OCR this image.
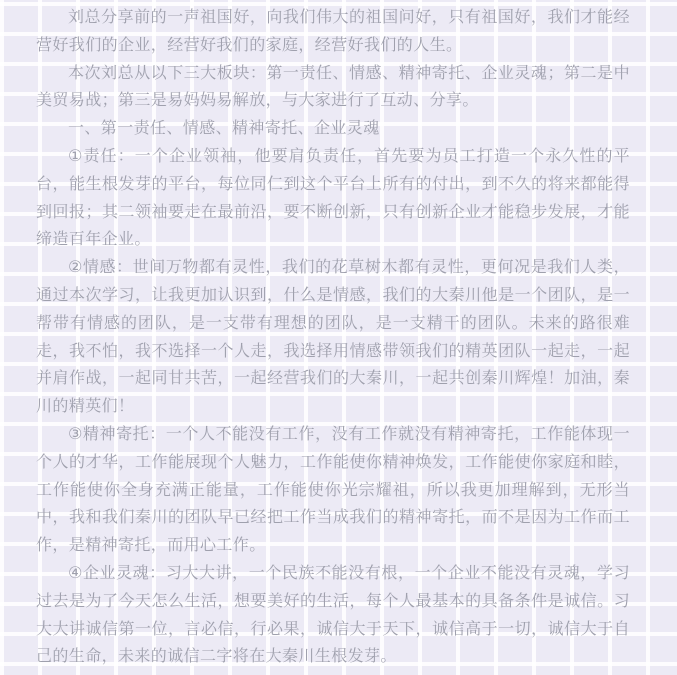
刘总分享前的一声祖国好，向我们伟大的祖国问好，只有祖国好，我们才能经营好我们的企业，经营好我们的家庭，经营好我们的人生。

本次刘总从以下三大板块：第一责任、情感、精神寄托、企业灵魂；第二是中美贸易战；第三是易妈妈易解放，与大家进行了互动、分享。

一、第一责任、情感、精神寄托、企业灵魂

①责任：一个企业领袖，他要肩负责任，首先要为员工打造一个永久性的平台，能生根发芽的平台，每位同仁到这个平台上所有的付出，到不久的将来都能得到回报；其二领袖要走在最前沿，要不断创新，只有创新企业才能稳步发展，才能缔造百年企业。

②情感：世间万物都有灵性，我们的花草树木都有灵性，更何况是我们人类，通过本次学习，让我更加认识到，什么是情感，我们的大秦川他是一个团队，是一帮带有情感的团队，是一支带有理想的团队，是一支精干的团队。未来的路很难走，我不怕，我不选择一个人走，我选择用情感带领我们的精英团队一起走，一起并肩作战，一起同甘共苦，一起经营我们的大秦川，一起共创秦川辉煌！加油，秦川的精英们！

③精神寄托：一个人不能没有工作，没有工作就没有精神寄托，工作能体现一个人的才华，工作能展现个人魅力，工作能使你精神焕发，工作能使你家庭和睦，工作能使你全身充满正能量，工作能使你光宗耀祖，所以我更加理解到，无形当中，我和我们秦川的团队早已经把工作当成我们的精神寄托，而不是因为工作而工作，是精神寄托，而用心工作。

④企业灵魂：习大大讲，一个民族不能没有根，一个企业不能没有灵魂，学习过去是为了今天怎么生活，想要美好的生活，每个人最基本的具备条件是诚信。习大大讲诚信第一位，言必信，行必果，诚信大于天下，诚信高于一切，诚信大于自己的生命，未来的诚信二字将在大秦川生根发芽。
